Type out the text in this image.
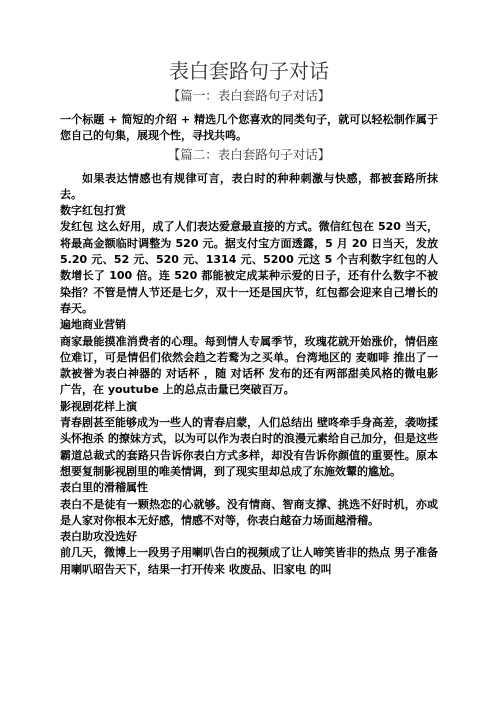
表白套路句子对话
【篇一：表白套路句子对话】

一个标题 + 简短的介绍 + 精选几个您喜欢的同类句子，就可以轻松制作属于您自己的句集，展现个性，寻找共鸣。

【篇二：表白套路句子对话】

如果表达情感也有规律可言，表白时的种种刺激与快感，都被套路所抹去。

数字红包打赏

发红包 这么好用，成了人们表达爱意最直接的方式。微信红包在 520 当天，将最高金额临时调整为 520 元。据支付宝方面透露，5 月 20 日当天，发放 5.20 元、52 元、520 元、1314 元、5200 元这 5 个吉利数字红包的人数增长了 100 倍。连 520 都能被定成某种示爱的日子，还有什么数字不被染指？不管是情人节还是七夕，双十一还是国庆节，红包都会迎来自己增长的春天。

遍地商业营销

商家最能摸准消费者的心理。每到情人专属季节，玫瑰花就开始涨价，情侣座位难订，可是情侣们依然会趋之若鹜为之买单。台湾地区的 麦咖啡 推出了一款被誉为表白神器的 对话杯 ，随 对话杯 发布的还有两部甜美风格的微电影广告，在 youtube 上的总点击量已突破百万。

影视剧花样上演

青春剧甚至能够成为一些人的青春启蒙，人们总结出 壁咚牵手身高差，袭吻揉头怀抱杀 的撩妹方式，以为可以作为表白时的浪漫元素给自己加分，但是这些霸道总裁式的套路只告诉你表白方式多样，却没有告诉你颜值的重要性。原本想要复制影视剧里的唯美情调，到了现实里却总成了东施效颦的尴尬。

表白里的滑稽属性

表白不是徒有一颗热恋的心就够。没有情商、智商支撑、挑选不好时机，亦或是人家对你根本无好感，情感不对等，你表白越奋力场面越滑稽。

表白助攻没选好

前几天，微博上一段男子用喇叭告白的视频成了让人啼笑皆非的热点 男子准备用喇叭昭告天下，结果一打开传来 收废品、旧家电 的叫
